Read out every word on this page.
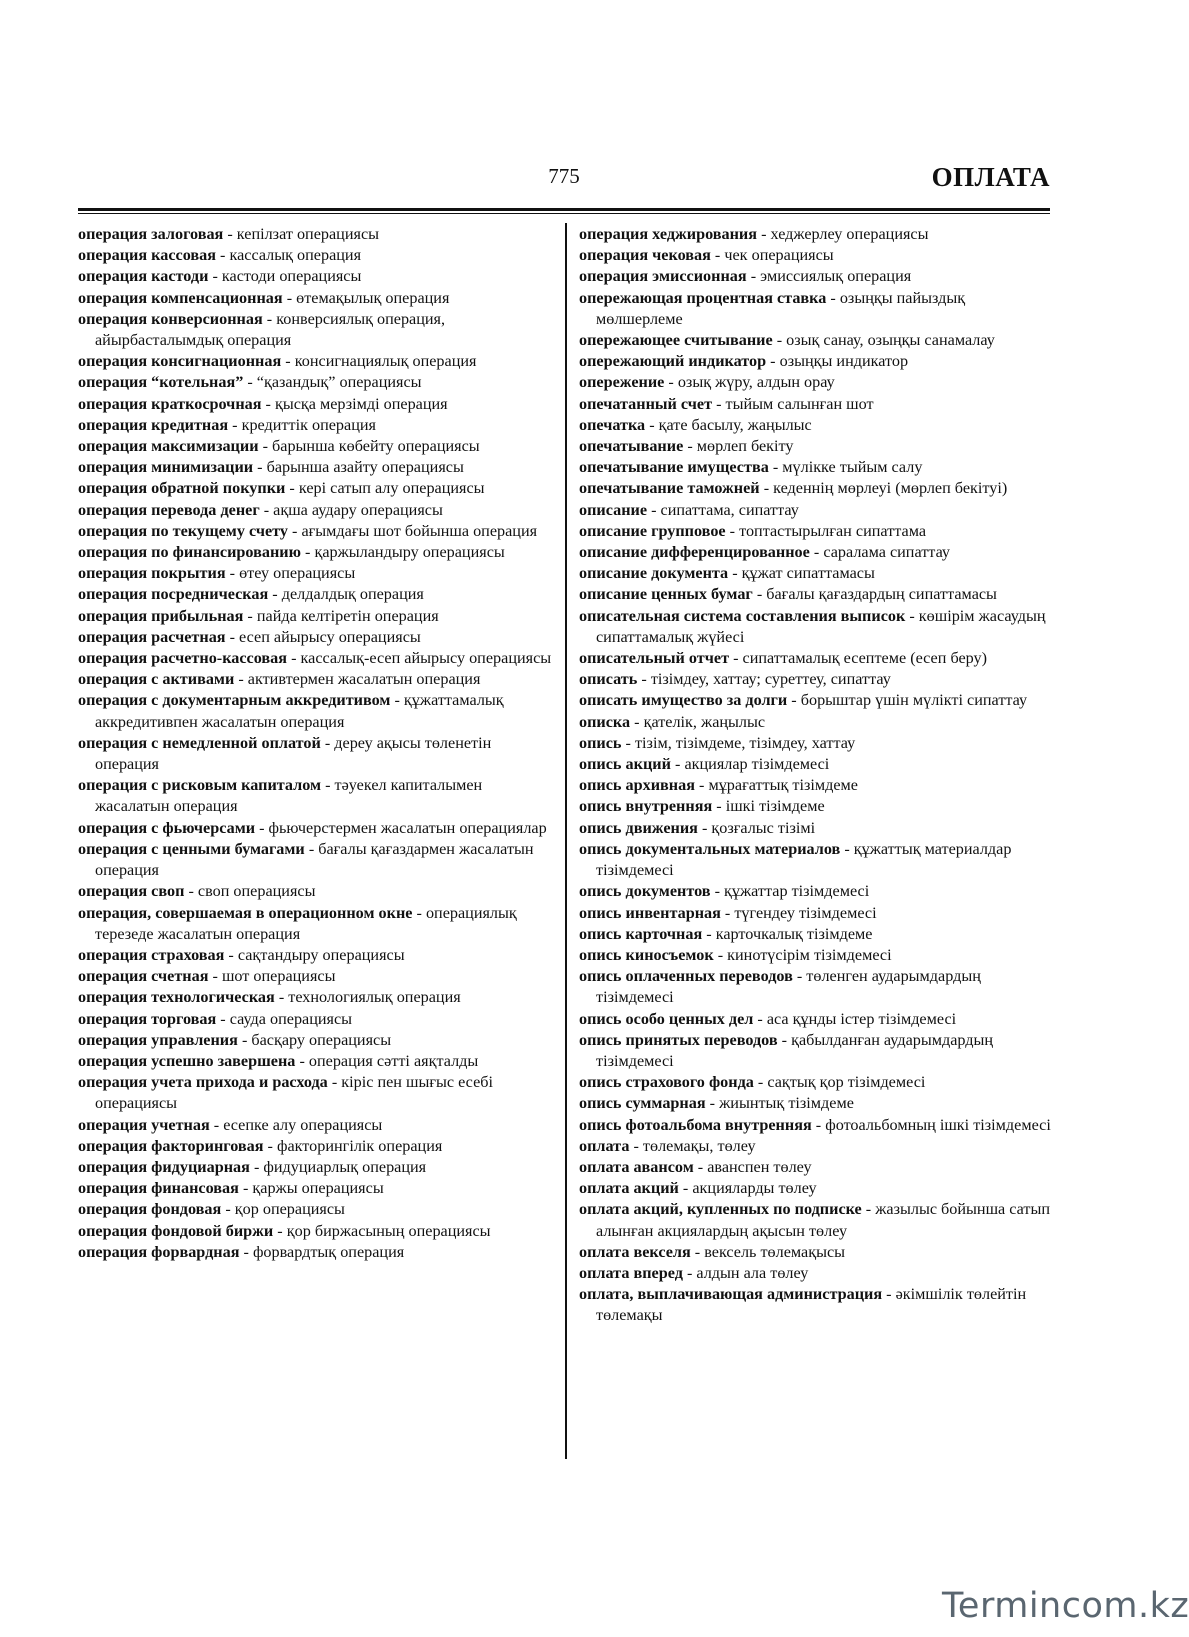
775	ОПЛАТА
операция залоговая - кепілзат операциясы
операция кассовая - кассалық операция
операция кастоди - кастоди операциясы
операция компенсационная - өтемақылық операция
операция конверсионная - конверсиялық операция, айырбасталымдық операция
операция консигнационная - консигнациялық операция
операция “котельная” - “қазандық” операциясы
операция краткосрочная - қысқа мерзімді операция
операция кредитная - кредиттік операция
операция максимизации - барынша көбейту операциясы
операция минимизации - барынша азайту операциясы
операция обратной покупки - кері сатып алу операциясы
операция перевода денег - ақша аудару операциясы
операция по текущему счету - ағымдағы шот бойынша операция
операция по финансированию - қаржыландыру операциясы
операция покрытия - өтеу операциясы
операция посредническая - делдалдық операция
операция прибыльная - пайда келтіретін операция
операция расчетная - есеп айырысу операциясы
операция расчетно-кассовая - кассалық-есеп айырысу операциясы
операция с активами - активтермен жасалатын операция
операция с документарным аккредитивом - құжаттамалық аккредитивпен жасалатын операция
операция с немедленной оплатой - дереу ақысы төленетін операция
операция с рисковым капиталом - тәуекел капиталымен жасалатын операция
операция с фьючерсами - фьючерстермен жасалатын операциялар
операция с ценными бумагами - бағалы қағаздармен жасалатын операция
операция своп - своп операциясы
операция, совершаемая в операционном окне - операциялық терезеде жасалатын операция
операция страховая - сақтандыру операциясы
операция счетная - шот операциясы
операция технологическая - технологиялық операция
операция торговая - сауда операциясы
операция управления - басқару операциясы
операция успешно завершена - операция сәтті аяқталды
операция учета прихода и расхода - кіріс пен шығыс есебі операциясы
операция учетная - есепке алу операциясы
операция факторинговая - факторингілік операция
операция фидуциарная - фидуциарлық операция
операция финансовая - қаржы операциясы
операция фондовая - қор операциясы
операция фондовой биржи - қор биржасының операциясы
операция форвардная - форвардтық операция
операция хеджирования - хеджерлеу операциясы
операция чековая - чек операциясы
операция эмиссионная - эмиссиялық операция
опережающая процентная ставка - озыңқы пайыздық мөлшерлеме
опережающее считывание - озық санау, озыңқы санамалау
опережающий индикатор - озыңқы индикатор
опережение - озық жүру, алдын орау
опечатанный счет - тыйым салынған шот
опечатка - қате басылу, жаңылыс
опечатывание - мөрлеп бекіту
опечатывание имущества - мүлікке тыйым салу
опечатывание таможней - кеденнің мөрлеуі (мөрлеп бекітуі)
описание - сипаттама, сипаттау
описание групповое - топтастырылған сипаттама
описание дифференцированное - саралама сипаттау
описание документа - құжат сипаттамасы
описание ценных бумаг - бағалы қағаздардың сипаттамасы
описательная система составления выписок - көшірім жасаудың сипаттамалық жүйесі
описательный отчет - сипаттамалық есептеме (есеп беру)
описать - тізімдеу, хаттау; суреттеу, сипаттау
описать имущество за долги - борыштар үшін мүлікті сипаттау
описка - қателік, жаңылыс
опись - тізім, тізімдеме, тізімдеу, хаттау
опись акций - акциялар тізімдемесі
опись архивная - мұрағаттық тізімдеме
опись внутренняя - ішкі тізімдеме
опись движения - қозғалыс тізімі
опись документальных материалов - құжаттық материалдар тізімдемесі
опись документов - құжаттар тізімдемесі
опись инвентарная - түгендеу тізімдемесі
опись карточная - карточкалық тізімдеме
опись киносъемок - кинотүсірім тізімдемесі
опись оплаченных переводов - төленген аударымдардың тізімдемесі
опись особо ценных дел - аса құнды істер тізімдемесі
опись принятых переводов - қабылданған аударымдардың тізімдемесі
опись страхового фонда - сақтық қор тізімдемесі
опись суммарная - жиынтық тізімдеме
опись фотоальбома внутренняя - фотоальбомның ішкі тізімдемесі
оплата - төлемақы, төлеу
оплата авансом - аванспен төлеу
оплата акций - акцияларды төлеу
оплата акций, купленных по подписке - жазылыс бойынша сатып алынған акциялардың ақысын төлеу
оплата векселя - вексель төлемақысы
оплата вперед - алдын ала төлеу
оплата, выплачивающая администрация - әкімшілік төлейтін төлемақы
Termincom.kz
